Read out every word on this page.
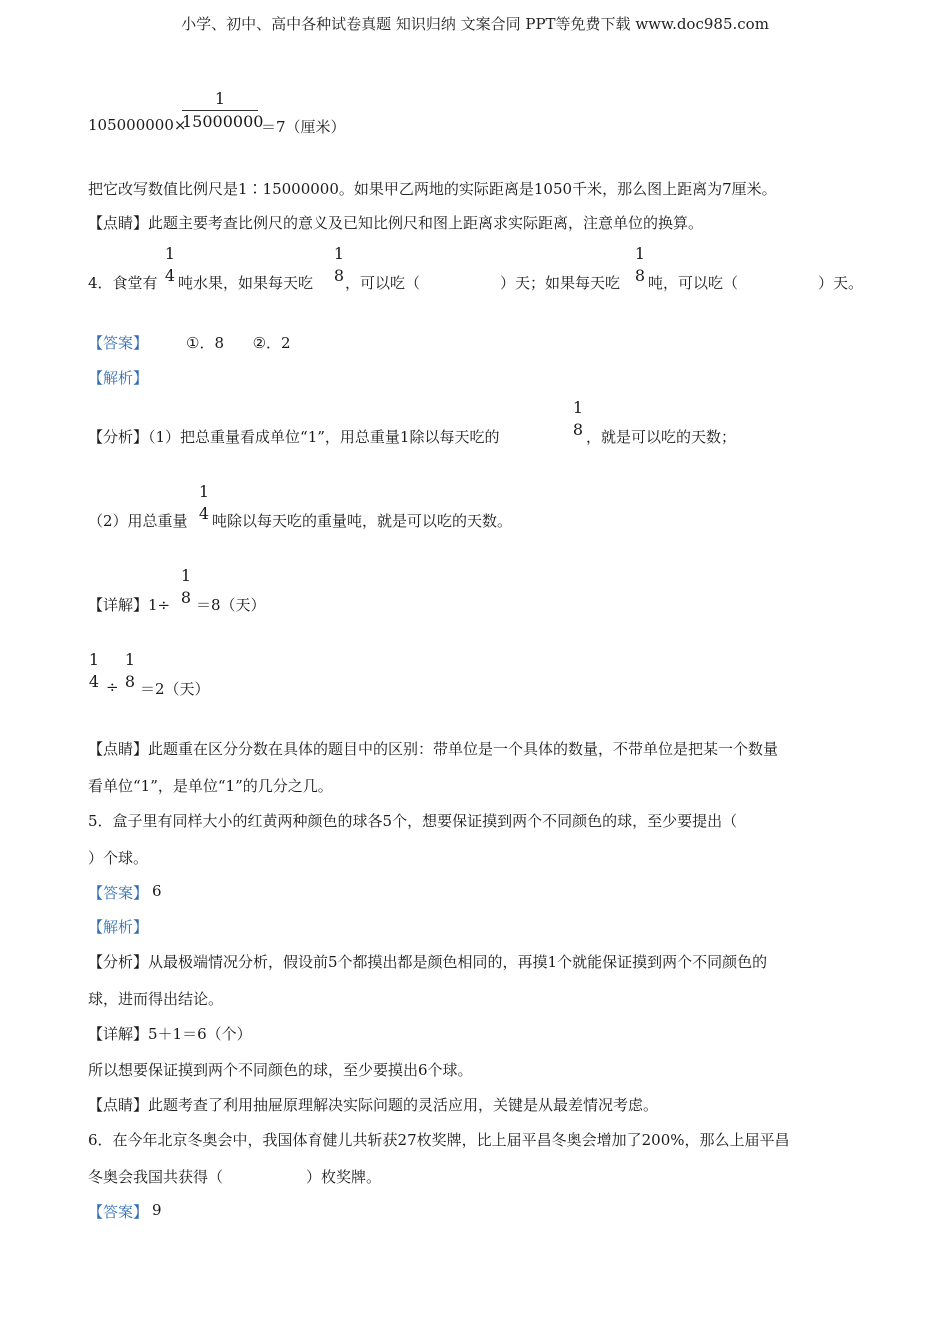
小学、初中、高中各种试卷真题 知识归纳 文案合同 PPT等免费下载 www.doc985.com
105000000×
1
15000000
＝7（厘米）
把它改写数值比例尺是1∶15000000。如果甲乙两地的实际距离是1050千米，那么图上距离为7厘米。
【点睛】此题主要考查比例尺的意义及已知比例尺和图上距离求实际距离，注意单位的换算。
4．食堂有
1
4 吨水果，如果每天吃
1
8 ，可以吃（	）天；如果每天吃
1
8 吨，可以吃（	）天。
【答案】	①．8      ②．2
【解析】
【分析】（1）把总重量看成单位“1”，用总重量1除以每天吃的
1
8 ，就是可以吃的天数；
（2）用总重量
1
4 吨除以每天吃的重量吨，就是可以吃的天数。
【详解】1÷
1
8 ＝8（天）
1
4 ÷
1
8 ＝2（天）
【点睛】此题重在区分分数在具体的题目中的区别：带单位是一个具体的数量，不带单位是把某一个数量
看单位“1”，是单位“1”的几分之几。
5．盒子里有同样大小的红黄两种颜色的球各5个，想要保证摸到两个不同颜色的球，至少要提出（
）个球。
【答案】 6
【解析】
【分析】从最极端情况分析，假设前5个都摸出都是颜色相同的，再摸1个就能保证摸到两个不同颜色的
球，进而得出结论。
【详解】5＋1＝6（个）
所以想要保证摸到两个不同颜色的球，至少要摸出6个球。
【点睛】此题考查了利用抽屉原理解决实际问题的灵活应用，关键是从最差情况考虑。
6．在今年北京冬奥会中，我国体育健儿共斩获27枚奖牌，比上届平昌冬奥会增加了200%，那么上届平昌
冬奥会我国共获得（	）枚奖牌。
【答案】 9
